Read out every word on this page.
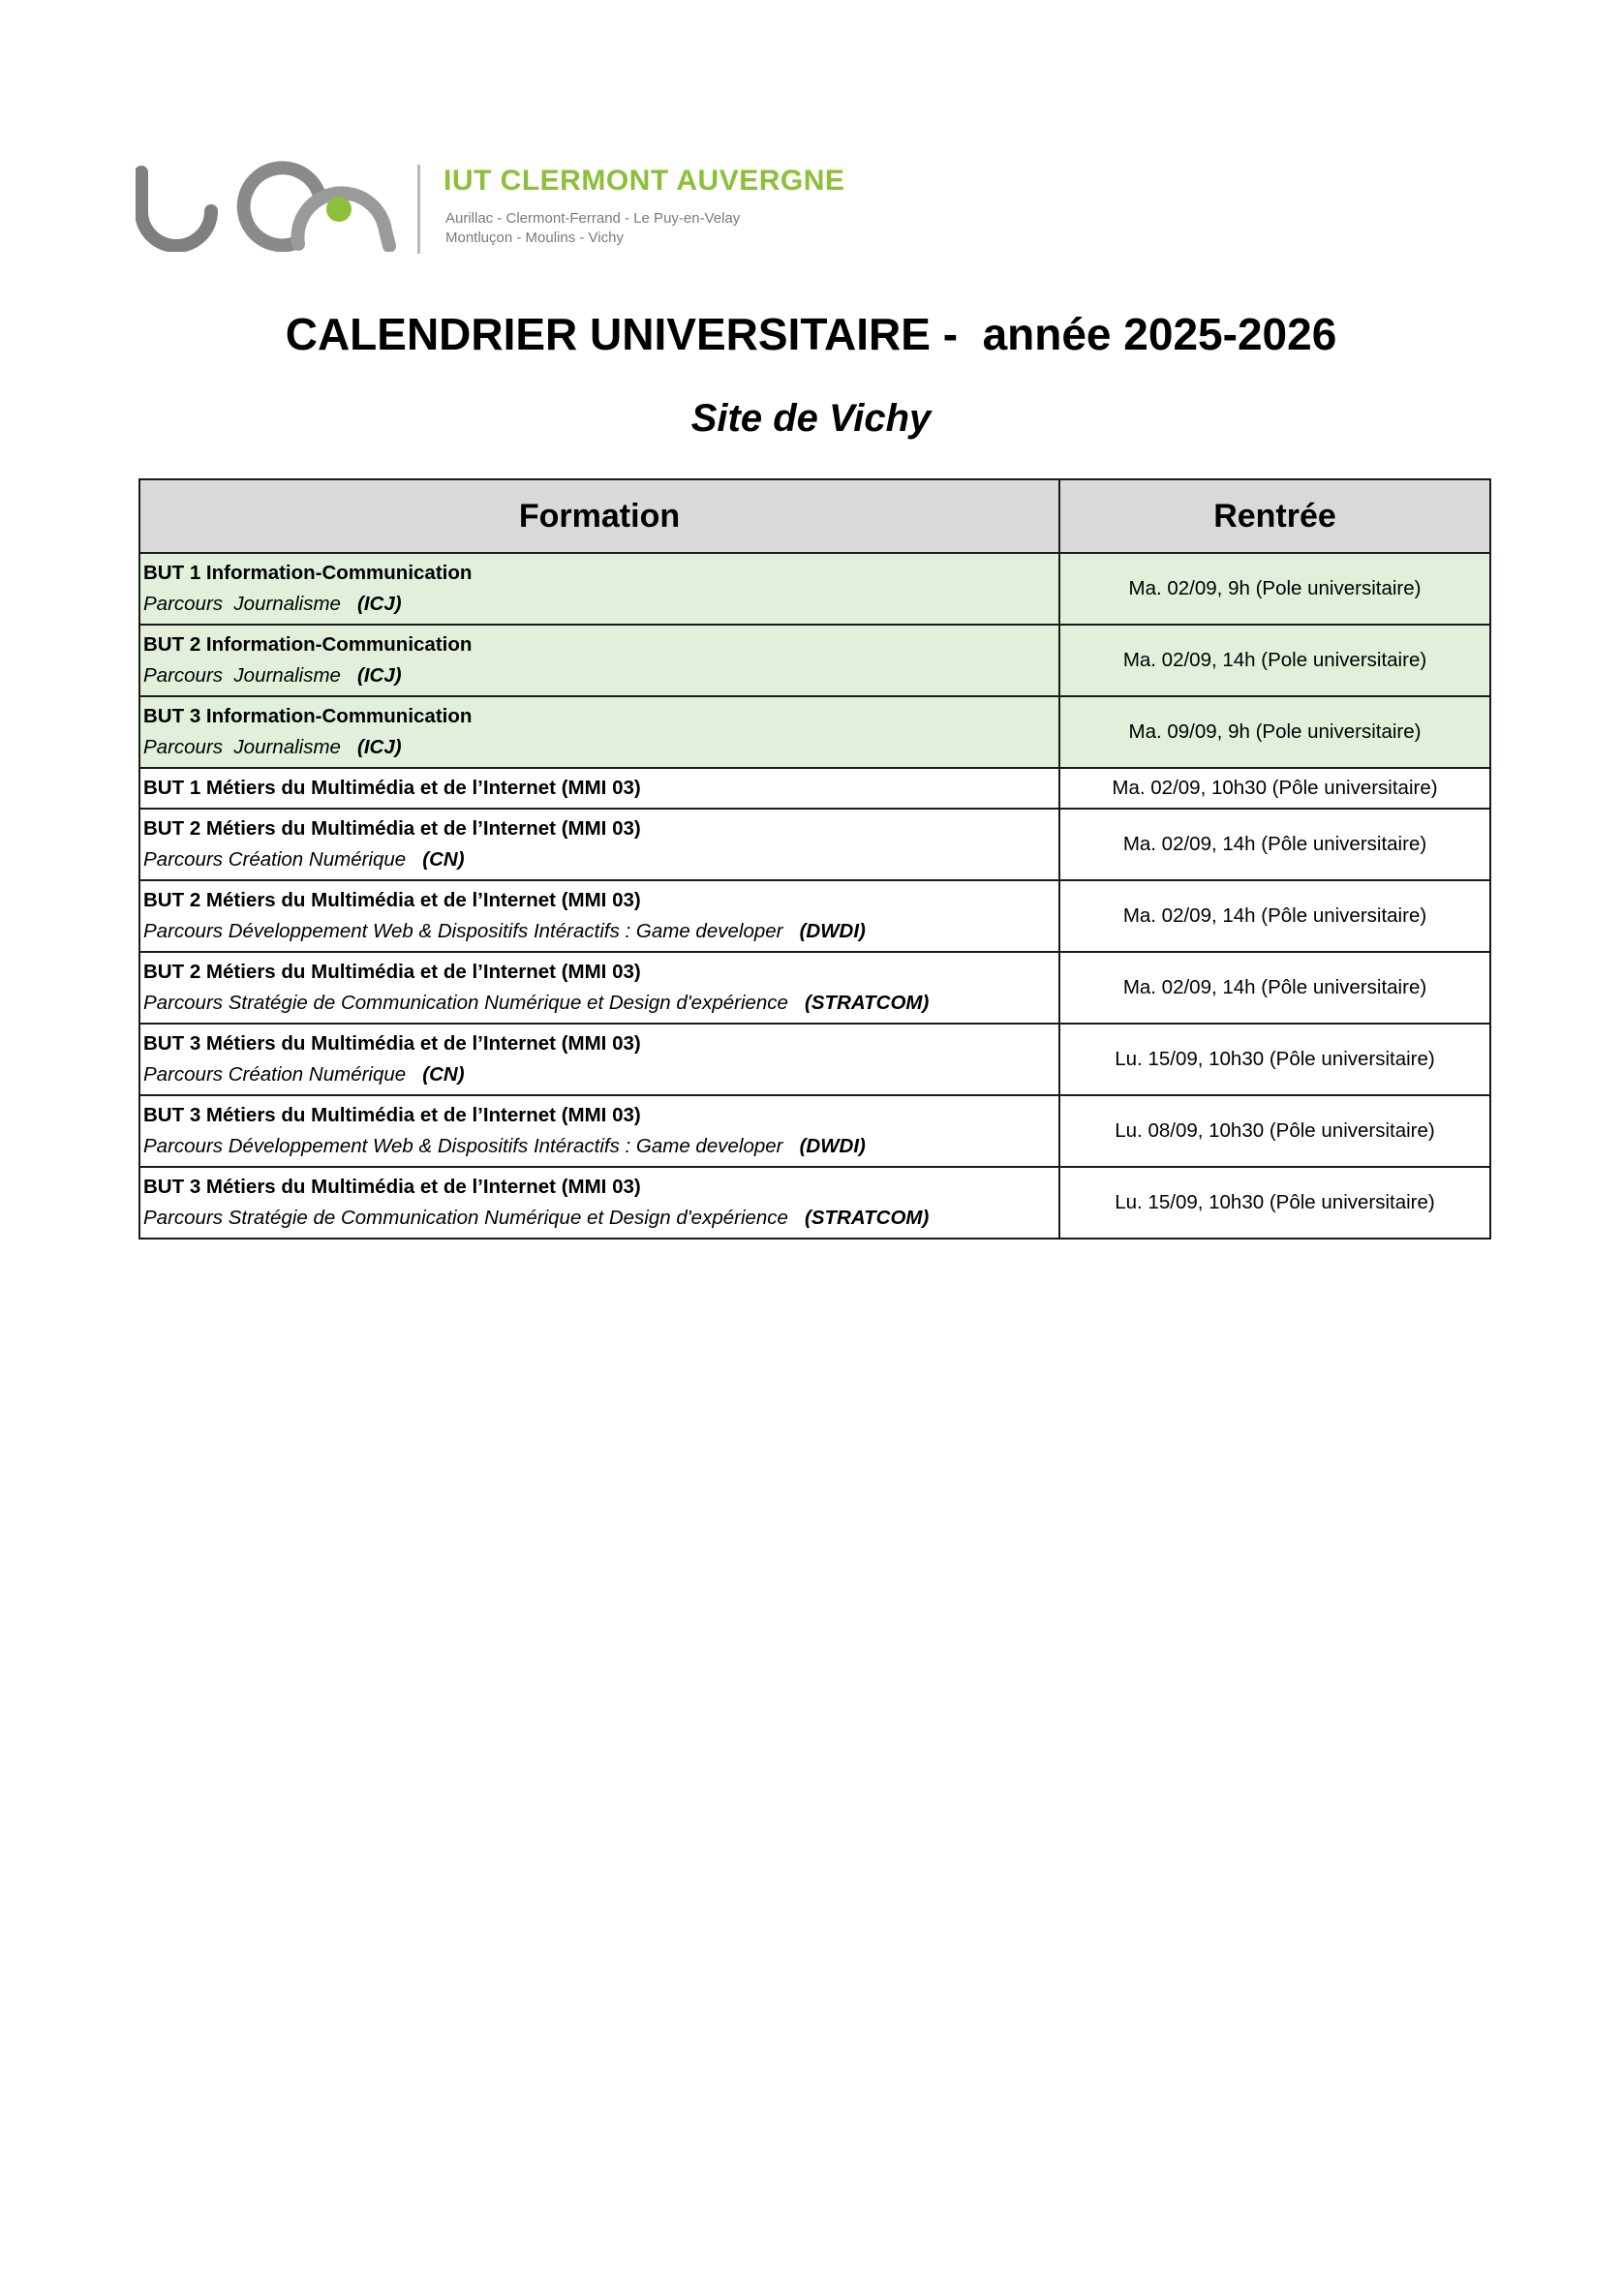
IUT CLERMONT AUVERGNE
Aurillac - Clermont-Ferrand - Le Puy-en-Velay
Montluçon - Moulins - Vichy
CALENDRIER UNIVERSITAIRE -  année 2025-2026
Site de Vichy
Formation	Rentrée

BUT 1 Information-Communication
Parcours  Journalisme   (ICJ)	Ma. 02/09, 9h (Pole universitaire)

BUT 2 Information-Communication
Parcours  Journalisme   (ICJ)	Ma. 02/09, 14h (Pole universitaire)

BUT 3 Information-Communication
Parcours  Journalisme   (ICJ)	Ma. 09/09, 9h (Pole universitaire)

BUT 1 Métiers du Multimédia et de l’Internet (MMI 03)	Ma. 02/09, 10h30 (Pôle universitaire)

BUT 2 Métiers du Multimédia et de l’Internet (MMI 03)
Parcours Création Numérique   (CN)	Ma. 02/09, 14h (Pôle universitaire)

BUT 2 Métiers du Multimédia et de l’Internet (MMI 03)
Parcours Développement Web & Dispositifs Intéractifs : Game developer   (DWDI)	Ma. 02/09, 14h (Pôle universitaire)

BUT 2 Métiers du Multimédia et de l’Internet (MMI 03)
Parcours Stratégie de Communication Numérique et Design d'expérience   (STRATCOM)	Ma. 02/09, 14h (Pôle universitaire)

BUT 3 Métiers du Multimédia et de l’Internet (MMI 03)
Parcours Création Numérique   (CN)	Lu. 15/09, 10h30 (Pôle universitaire)

BUT 3 Métiers du Multimédia et de l’Internet (MMI 03)
Parcours Développement Web & Dispositifs Intéractifs : Game developer   (DWDI)	Lu. 08/09, 10h30 (Pôle universitaire)

BUT 3 Métiers du Multimédia et de l’Internet (MMI 03)
Parcours Stratégie de Communication Numérique et Design d'expérience   (STRATCOM)	Lu. 15/09, 10h30 (Pôle universitaire)
